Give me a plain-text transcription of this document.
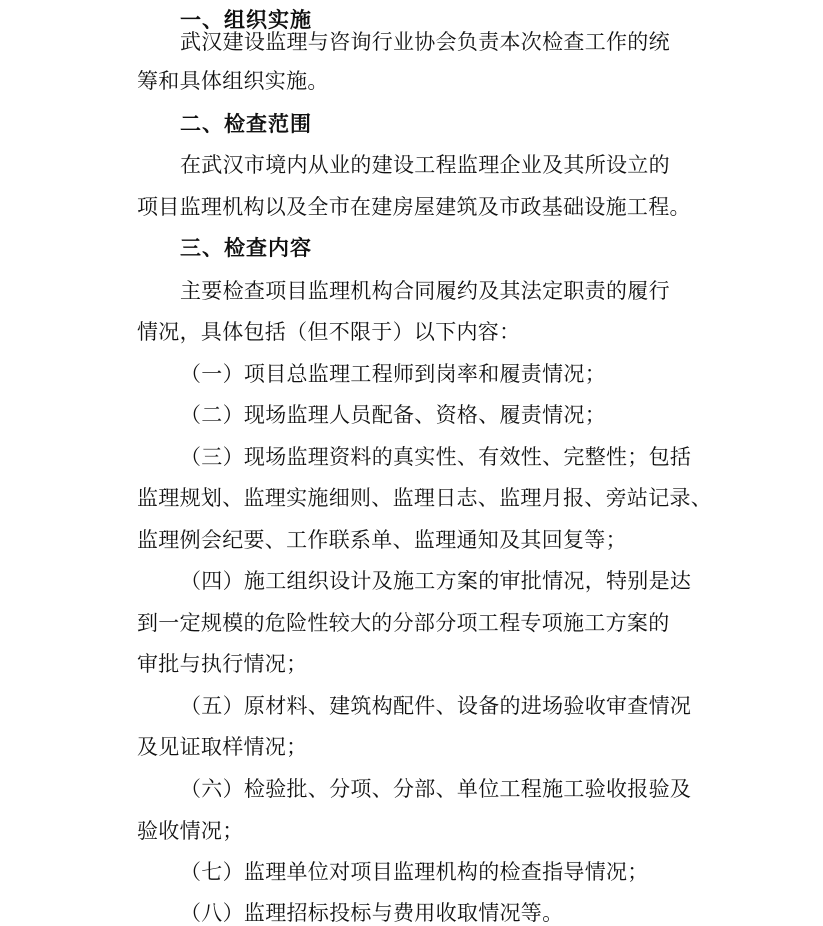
一、组织实施
武汉建设监理与咨询行业协会负责本次检查工作的统
筹和具体组织实施。
二、检查范围
在武汉市境内从业的建设工程监理企业及其所设立的
项目监理机构以及全市在建房屋建筑及市政基础设施工程。
三、检查内容
主要检查项目监理机构合同履约及其法定职责的履行
情况，具体包括（但不限于）以下内容：
（一）项目总监理工程师到岗率和履责情况；
（二）现场监理人员配备、资格、履责情况；
（三）现场监理资料的真实性、有效性、完整性；包括
监理规划、监理实施细则、监理日志、监理月报、旁站记录、
监理例会纪要、工作联系单、监理通知及其回复等；
（四）施工组织设计及施工方案的审批情况，特别是达
到一定规模的危险性较大的分部分项工程专项施工方案的
审批与执行情况；
（五）原材料、建筑构配件、设备的进场验收审查情况
及见证取样情况；
（六）检验批、分项、分部、单位工程施工验收报验及
验收情况；
（七）监理单位对项目监理机构的检查指导情况；
（八）监理招标投标与费用收取情况等。
